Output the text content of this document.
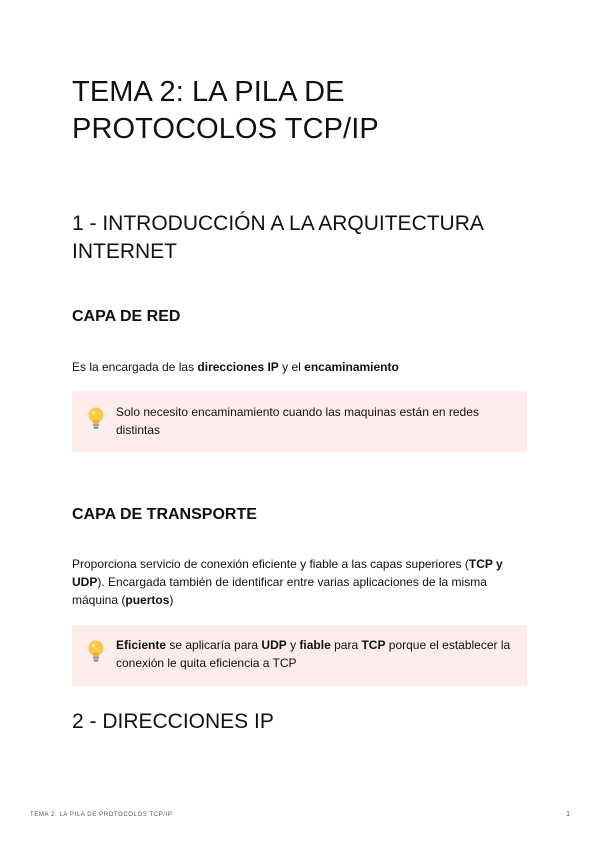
TEMA 2: LA PILA DE PROTOCOLOS TCP/IP
1 - INTRODUCCIÓN A LA ARQUITECTURA INTERNET
CAPA DE RED

Es la encargada de las direcciones IP y el encaminamiento

Solo necesito encaminamiento cuando las maquinas están en redes distintas

CAPA DE TRANSPORTE

Proporciona servicio de conexión eficiente y fiable a las capas superiores (TCP y UDP). Encargada también de identificar entre varias aplicaciones de la misma máquina (puertos)

Eficiente se aplicaría para UDP y fiable para TCP porque el establecer la conexión le quita eficiencia a TCP

2 - DIRECCIONES IP
TEMA 2: LA PILA DE PROTOCOLOS TCP/IP	1
